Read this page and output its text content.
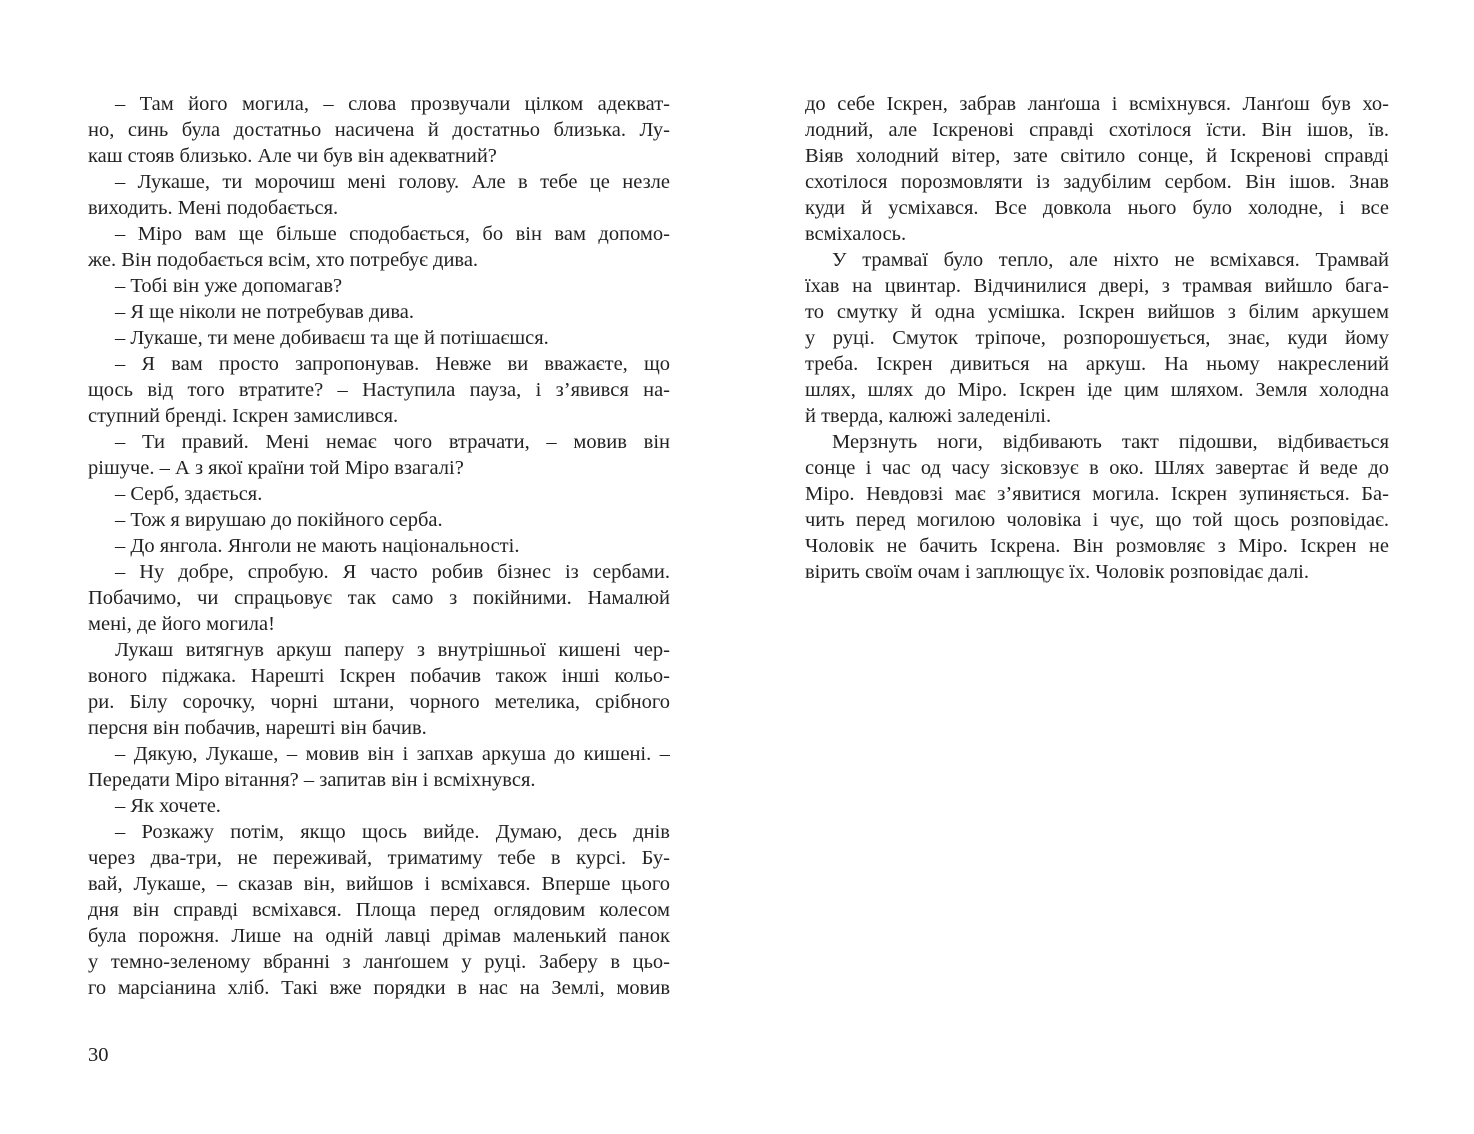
– Там його могила, – слова прозвучали цілком адекват-
но, синь була достатньо насичена й достатньо близька. Лу-
каш стояв близько. Але чи був він адекватний?
– Лукаше, ти морочиш мені голову. Але в тебе це незле
виходить. Мені подобається.
– Міро вам ще більше сподобається, бо він вам допомо-
же. Він подобається всім, хто потребує дива.
– Тобі він уже допомагав?
– Я ще ніколи не потребував дива.
– Лукаше, ти мене добиваєш та ще й потішаєшся.
– Я вам просто запропонував. Невже ви вважаєте, що
щось від того втратите? – Наступила пауза, і з’явився на-
ступний бренді. Іскрен замислився.
– Ти правий. Мені немає чого втрачати, – мовив він
рішуче. – А з якої країни той Міро взагалі?
– Серб, здається.
– Тож я вирушаю до покійного серба.
– До янгола. Янголи не мають національності.
– Ну добре, спробую. Я часто робив бізнес із сербами.
Побачимо, чи спрацьовує так само з покійними. Намалюй
мені, де його могила!
Лукаш витягнув аркуш паперу з внутрішньої кишені чер-
воного піджака. Нарешті Іскрен побачив також інші кольо-
ри. Білу сорочку, чорні штани, чорного метелика, срібного
персня він побачив, нарешті він бачив.
– Дякую, Лукаше, – мовив він і запхав аркуша до кишені. –
Передати Міро вітання? – запитав він і всміхнувся.
– Як хочете.
– Розкажу потім, якщо щось вийде. Думаю, десь днів
через два-три, не переживай, триматиму тебе в курсі. Бу-
вай, Лукаше, – сказав він, вийшов і всміхався. Вперше цього
дня він справді всміхався. Площа перед оглядовим колесом
була порожня. Лише на одній лавці дрімав маленький панок
у темно-зеленому вбранні з ланґошем у руці. Заберу в цьо-
го марсіанина хліб. Такі вже порядки в нас на Землі, мовив
до себе Іскрен, забрав ланґоша і всміхнувся. Ланґош був хо-
лодний, але Іскренові справді схотілося їсти. Він ішов, їв.
Віяв холодний вітер, зате світило сонце, й Іскренові справді
схотілося порозмовляти із задубілим сербом. Він ішов. Знав
куди й усміхався. Все довкола нього було холодне, і все
всміхалось.
У трамваї було тепло, але ніхто не всміхався. Трамвай
їхав на цвинтар. Відчинилися двері, з трамвая вийшло бага-
то смутку й одна усмішка. Іскрен вийшов з білим аркушем
у руці. Смуток тріпоче, розпорошується, знає, куди йому
треба. Іскрен дивиться на аркуш. На ньому накреслений
шлях, шлях до Міро. Іскрен іде цим шляхом. Земля холодна
й тверда, калюжі заледенілі.
Мерзнуть ноги, відбивають такт підошви, відбивається
сонце і час од часу зісковзує в око. Шлях завертає й веде до
Міро. Невдовзі має з’явитися могила. Іскрен зупиняється. Ба-
чить перед могилою чоловіка і чує, що той щось розповідає.
Чоловік не бачить Іскрена. Він розмовляє з Міро. Іскрен не
вірить своїм очам і заплющує їх. Чоловік розповідає далі.
30
